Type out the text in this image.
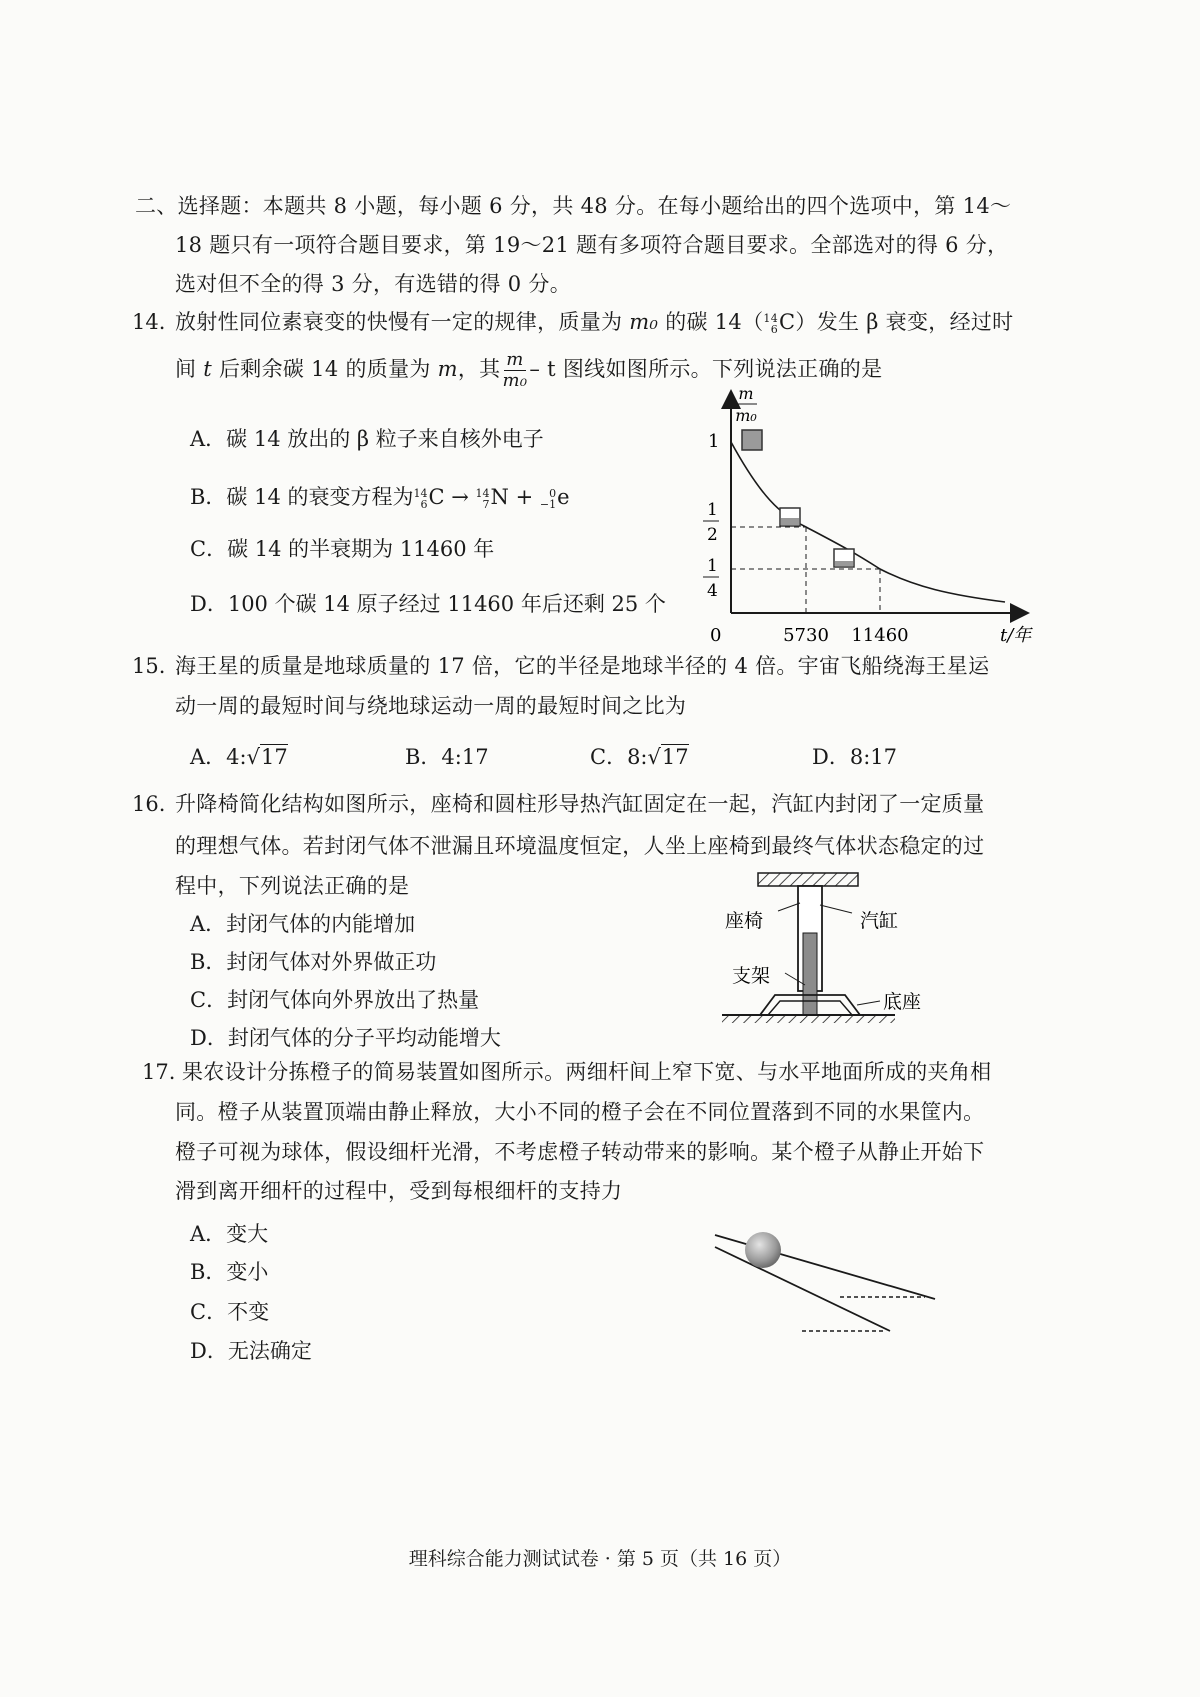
二、选择题：本题共 8 小题，每小题 6 分，共 48 分。在每小题给出的四个选项中，第 14～
18 题只有一项符合题目要求，第 19～21 题有多项符合题目要求。全部选对的得 6 分，
选对但不全的得 3 分，有选错的得 0 分。
14. 放射性同位素衰变的快慢有一定的规律，质量为 m₀ 的碳 14（ 14
6 C）发生 β 衰变，经过时
间 t 后剩余碳 14 的质量为 m，其 $\frac{m}{\text{m₀}}$ – t 图线如图所示。下列说法正确的是
A．碳 14 放出的 β 粒子来自核外电子
B．碳 14 的衰变方程为 14
6 C → 14
7 N + 0
−1 e
C．碳 14 的半衰期为 11460 年
D．100 个碳 14 原子经过 11460 年后还剩 25 个
m
m₀
1
1
2
1
4
0	5730 11460	t/年
15. 海王星的质量是地球质量的 17 倍，它的半径是地球半径的 4 倍。宇宙飞船绕海王星运
动一周的最短时间与绕地球运动一周的最短时间之比为
A．4:√17	B．4:17	C．8:√17	D．8:17
16. 升降椅简化结构如图所示，座椅和圆柱形导热汽缸固定在一起，汽缸内封闭了一定质量
的理想气体。若封闭气体不泄漏且环境温度恒定，人坐上座椅到最终气体状态稳定的过
程中，下列说法正确的是
A．封闭气体的内能增加
B．封闭气体对外界做正功
C．封闭气体向外界放出了热量
D．封闭气体的分子平均动能增大
座椅	汽缸
支架
底座
17. 果农设计分拣橙子的简易装置如图所示。两细杆间上窄下宽、与水平地面所成的夹角相
同。橙子从装置顶端由静止释放，大小不同的橙子会在不同位置落到不同的水果筐内。
橙子可视为球体，假设细杆光滑，不考虑橙子转动带来的影响。某个橙子从静止开始下
滑到离开细杆的过程中，受到每根细杆的支持力
A．变大
B．变小
C．不变
D．无法确定
理科综合能力测试试卷 · 第 5 页（共 16 页）
